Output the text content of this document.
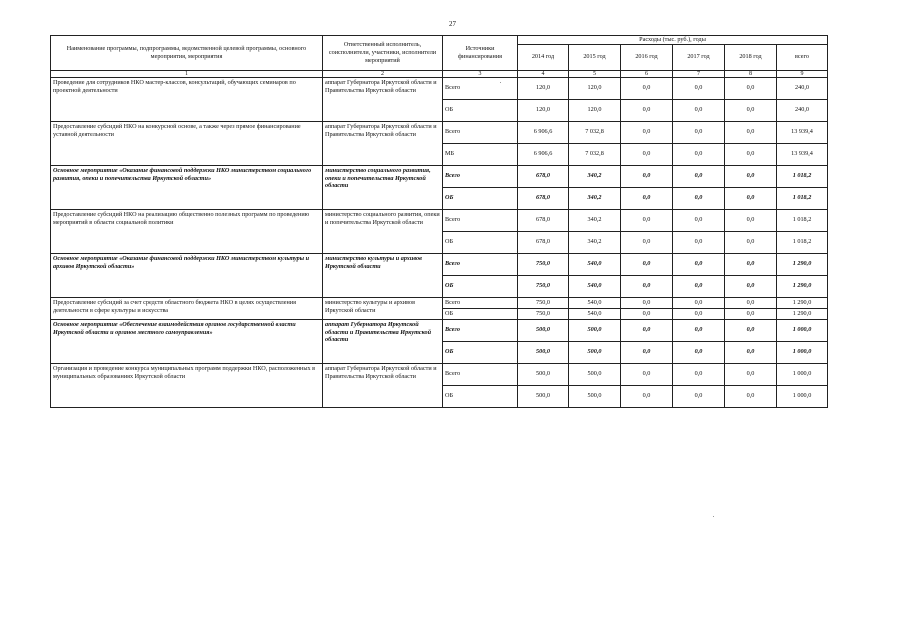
27
Наименование программы, подпрограммы, ведомственной целевой программы, основного мероприятия, мероприятия	Ответственный исполнитель, соисполнители, участники, исполнители мероприятий	Источники финансирования	Расходы (тыс. руб.), годы					
			2014 год	2015 год	2016 год	2017 год	2018 год	всего
1	2	3	4	5	6	7	8	9
Проведение для сотрудников НКО мастер-классов, консультаций, обучающих семинаров по проектной деятельности	аппарат Губернатора Иркутской области и Правительства Иркутской области	Всего	120,0	120,0	0,0	0,0	0,0	240,0
		ОБ	120,0	120,0	0,0	0,0	0,0	240,0
Предоставление субсидий НКО на конкурсной основе, а также через прямое финансирование уставной деятельности	аппарат Губернатора Иркутской области и Правительства Иркутской области	Всего	6 906,6	7 032,8	0,0	0,0	0,0	13 939,4
		МБ	6 906,6	7 032,8	0,0	0,0	0,0	13 939,4
Основное мероприятие «Оказание финансовой поддержки НКО министерством социального развития, опеки и попечительства Иркутской области»	министерство социального развития, опеки и попечительства Иркутской области	Всего	678,0	340,2	0,0	0,0	0,0	1 018,2
		ОБ	678,0	340,2	0,0	0,0	0,0	1 018,2
Предоставление субсидий НКО на реализацию общественно полезных программ по проведению мероприятий в области социальной политики	министерство социального развития, опеки и попечительства Иркутской области	Всего	678,0	340,2	0,0	0,0	0,0	1 018,2
		ОБ	678,0	340,2	0,0	0,0	0,0	1 018,2
Основное мероприятие «Оказание финансовой поддержки НКО министерством культуры и архивов Иркутской области»	министерство культуры и архивов Иркутской области	Всего	750,0	540,0	0,0	0,0	0,0	1 290,0
		ОБ	750,0	540,0	0,0	0,0	0,0	1 290,0
Предоставление субсидий за счет средств областного бюджета НКО в целях осуществления деятельности в сфере культуры и искусства	министерство культуры и архивов Иркутской области	Всего	750,0	540,0	0,0	0,0	0,0	1 290,0
		ОБ	750,0	540,0	0,0	0,0	0,0	1 290,0
Основное мероприятие «Обеспечение взаимодействия органов государственной власти Иркутской области и органов местного самоуправления»	аппарат Губернатора Иркутской области и Правительства Иркутской области	Всего	500,0	500,0	0,0	0,0	0,0	1 000,0
		ОБ	500,0	500,0	0,0	0,0	0,0	1 000,0
Организация и проведение конкурса муниципальных программ поддержки НКО, расположенных в муниципальных образованиях Иркутской области	аппарат Губернатора Иркутской области и Правительства Иркутской области	Всего	500,0	500,0	0,0	0,0	0,0	1 000,0
		ОБ	500,0	500,0	0,0	0,0	0,0	1 000,0
